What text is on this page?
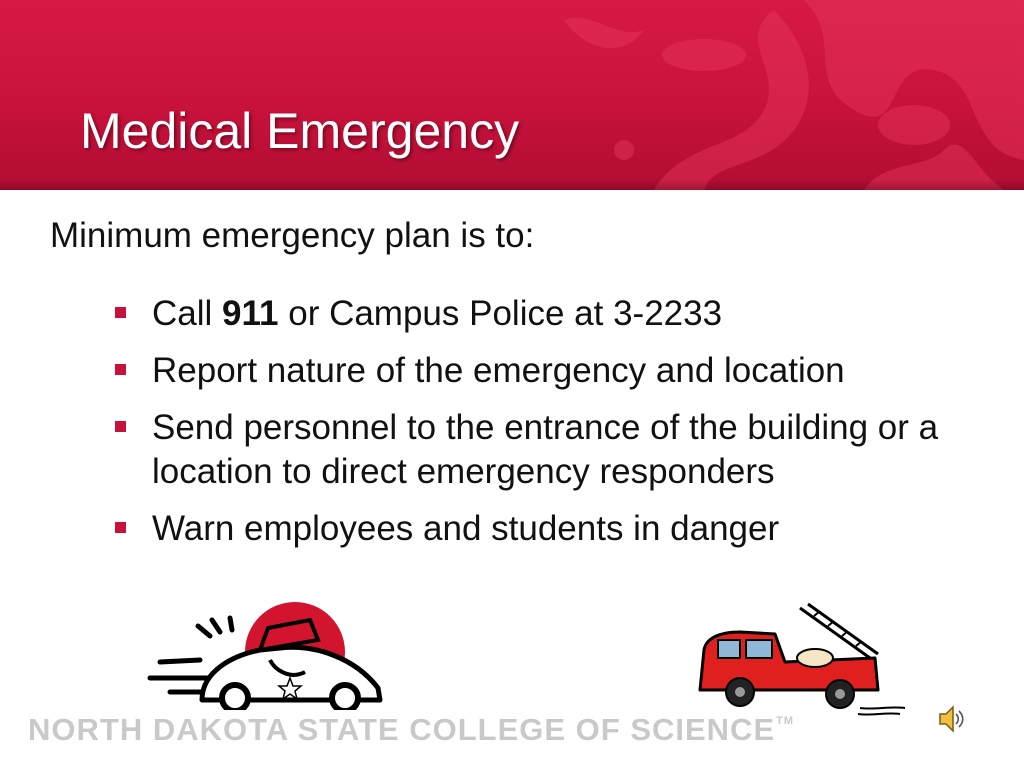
Medical Emergency

Minimum emergency plan is to:

Call 911 or Campus Police at 3-2233
Report nature of the emergency and location
Send personnel to the entrance of the building or a location to direct emergency responders
Warn employees and students in danger

NORTH DAKOTA STATE COLLEGE OF SCIENCE™
